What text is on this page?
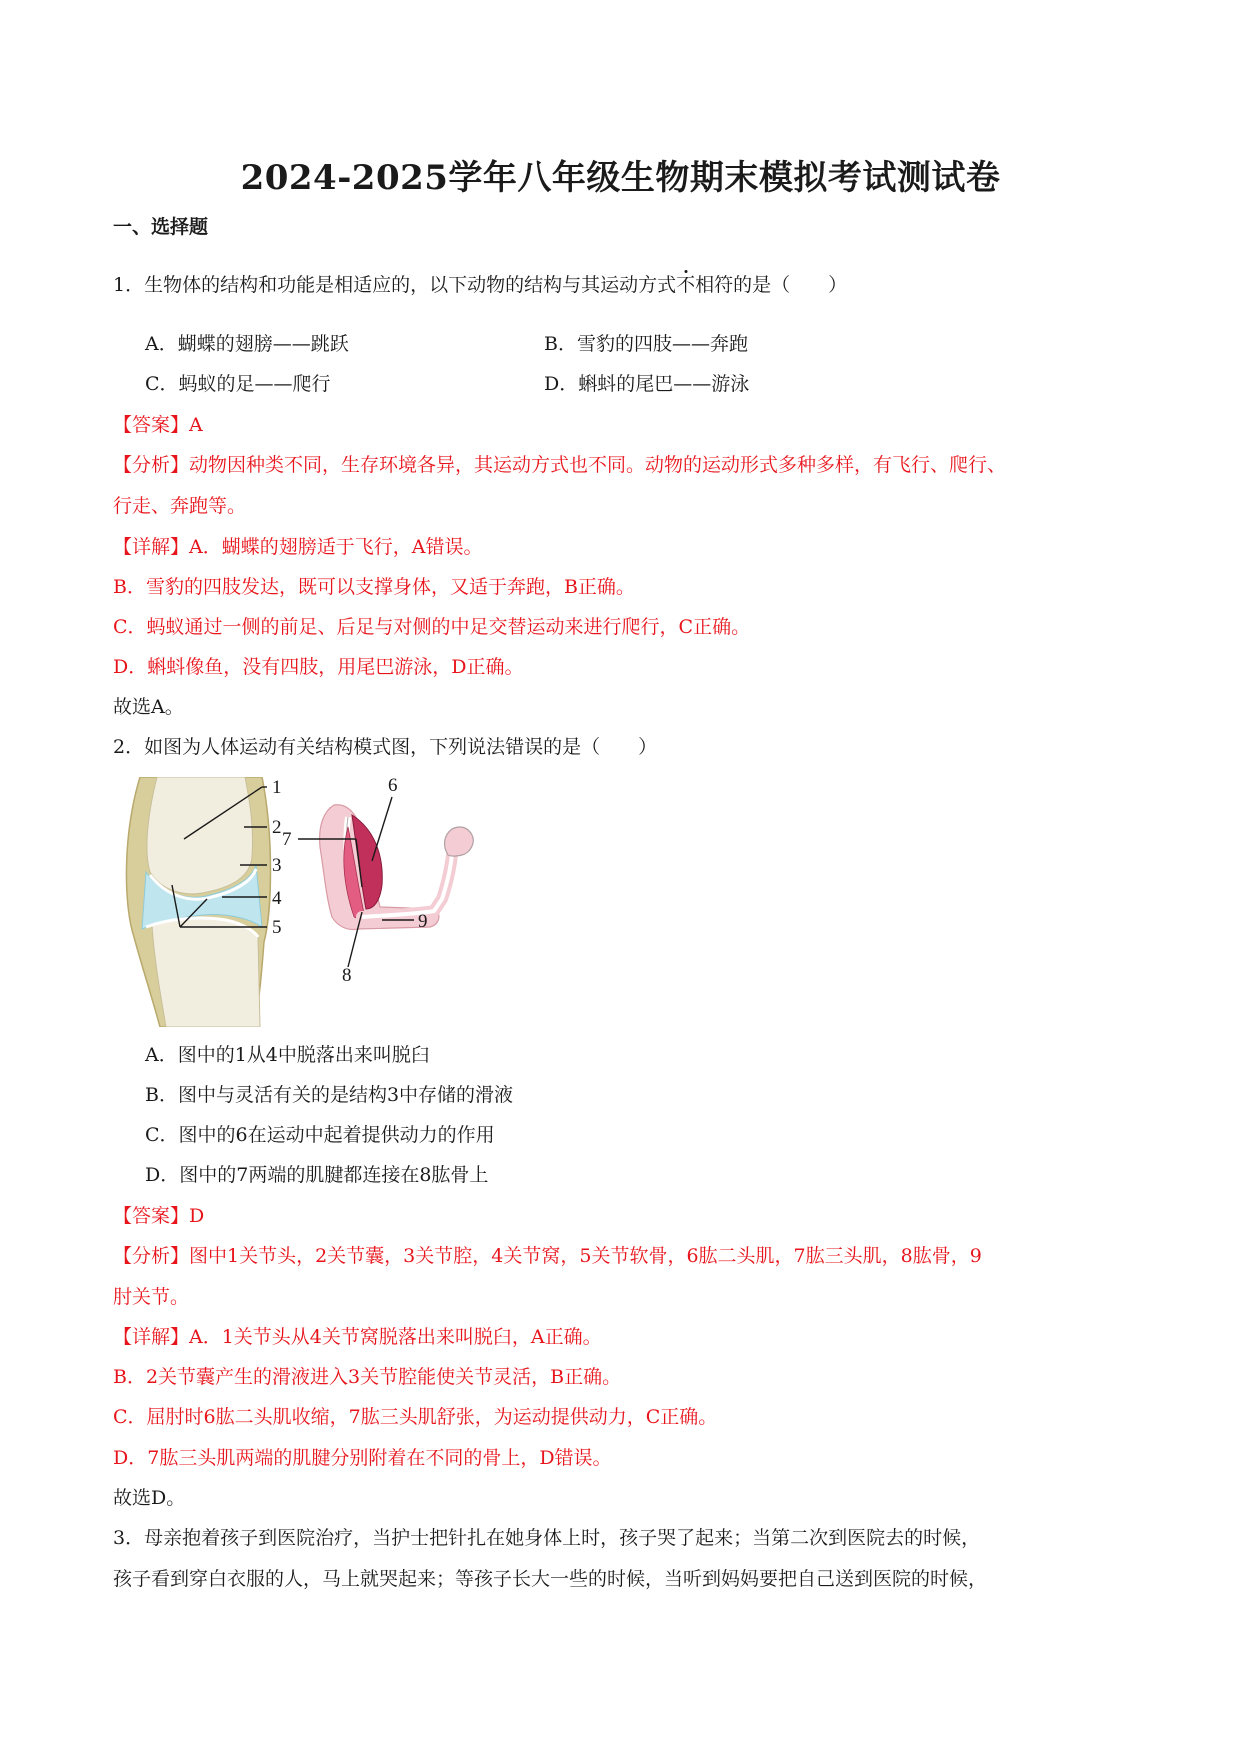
2024-2025学年八年级生物期末模拟考试测试卷
一、选择题
1．生物体的结构和功能是相适应的，以下动物的结构与其运动方式不相符的是（　　）
A．蝴蝶的翅膀——跳跃	B．雪豹的四肢——奔跑
C．蚂蚁的足——爬行	D．蝌蚪的尾巴——游泳
【答案】A
【分析】动物因种类不同，生存环境各异，其运动方式也不同。动物的运动形式多种多样，有飞行、爬行、
行走、奔跑等。
【详解】A．蝴蝶的翅膀适于飞行，A错误。
B．雪豹的四肢发达，既可以支撑身体，又适于奔跑，B正确。
C．蚂蚁通过一侧的前足、后足与对侧的中足交替运动来进行爬行，C正确。
D．蝌蚪像鱼，没有四肢，用尾巴游泳，D正确。
故选A。
2．如图为人体运动有关结构模式图，下列说法错误的是（　　）
1
2
3
4
5
6
7
8
9
A．图中的1从4中脱落出来叫脱臼
B．图中与灵活有关的是结构3中存储的滑液
C．图中的6在运动中起着提供动力的作用
D．图中的7两端的肌腱都连接在8肱骨上
【答案】D
【分析】图中1关节头，2关节囊，3关节腔，4关节窝，5关节软骨，6肱二头肌，7肱三头肌，8肱骨，9
肘关节。
【详解】A．1关节头从4关节窝脱落出来叫脱臼，A正确。
B．2关节囊产生的滑液进入3关节腔能使关节灵活，B正确。
C．屈肘时6肱二头肌收缩，7肱三头肌舒张，为运动提供动力，C正确。
D．7肱三头肌两端的肌腱分别附着在不同的骨上，D错误。
故选D。
3．母亲抱着孩子到医院治疗，当护士把针扎在她身体上时，孩子哭了起来；当第二次到医院去的时候，
孩子看到穿白衣服的人，马上就哭起来；等孩子长大一些的时候，当听到妈妈要把自己送到医院的时候，
